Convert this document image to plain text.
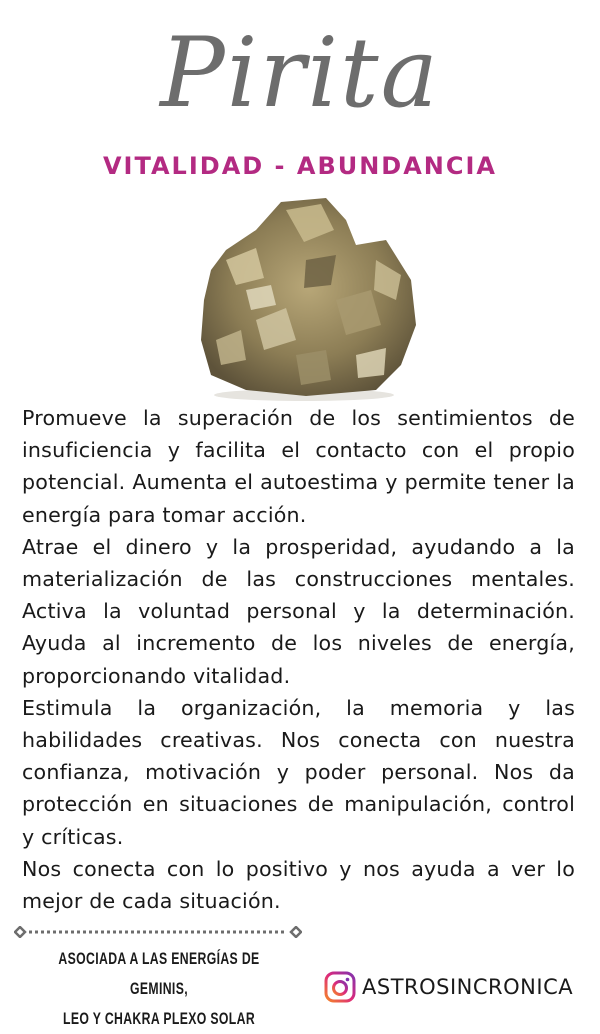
Pirita
VITALIDAD - ABUNDANCIA

Promueve la superación de los sentimientos de insuficiencia y facilita el contacto con el propio potencial. Aumenta el autoestima y permite tener la energía para tomar acción.

Atrae el dinero y la prosperidad, ayudando a la materialización de las construcciones mentales. Activa la voluntad personal y la determinación. Ayuda al incremento de los niveles de energía, proporcionando vitalidad.

Estimula la organización, la memoria y las habilidades creativas. Nos conecta con nuestra confianza, motivación y poder personal. Nos da protección en situaciones de manipulación, control y críticas.

Nos conecta con lo positivo y nos ayuda a ver lo mejor de cada situación.

ASOCIADA A LAS ENERGÍAS DE GEMINIS,
LEO Y CHAKRA PLEXO SOLAR
ASTROSINCRONICA
